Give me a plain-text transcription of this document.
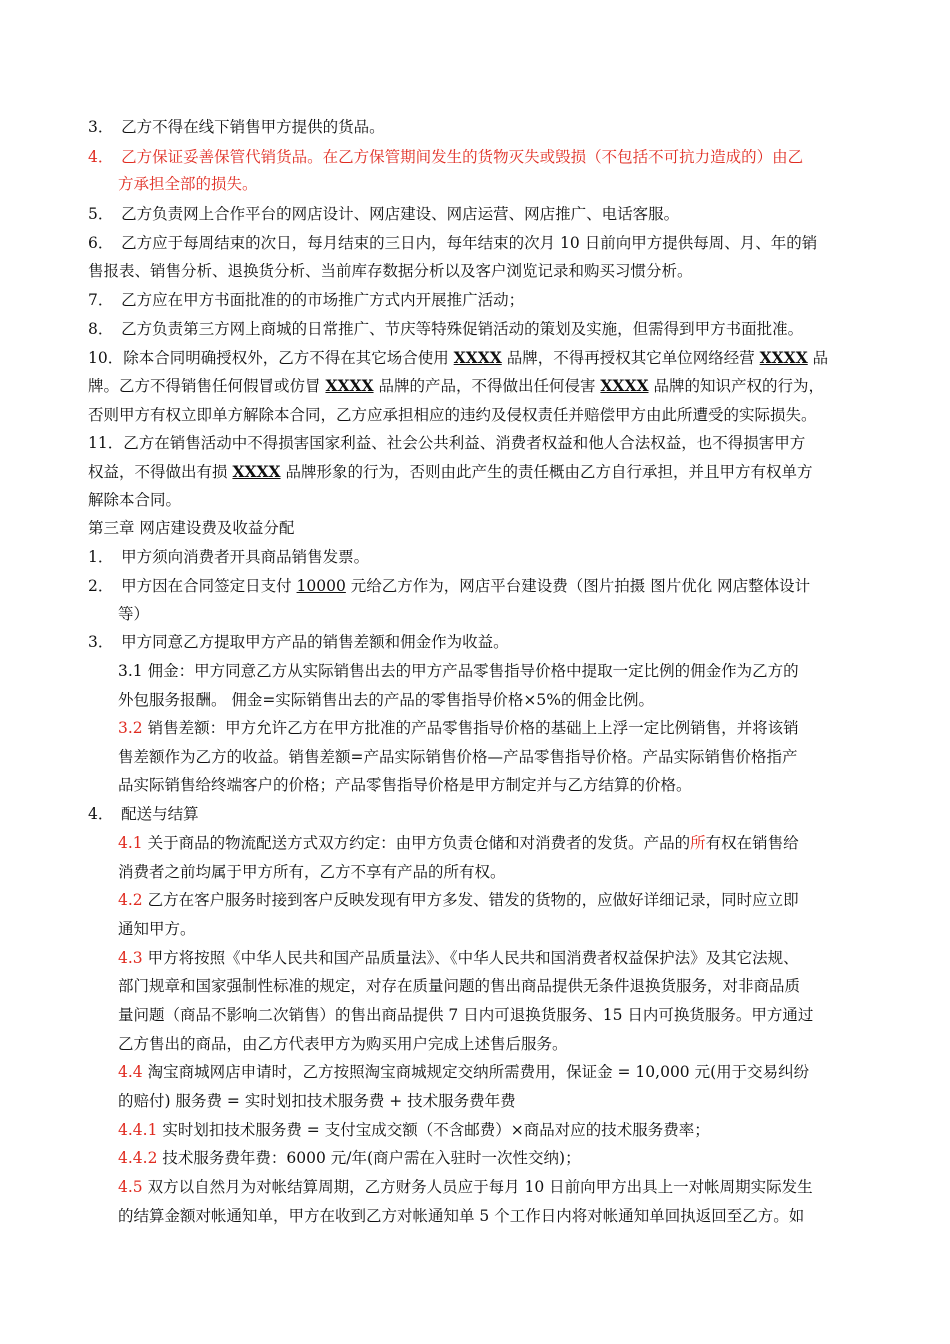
3．　乙方不得在线下销售甲方提供的货品。
4．　乙方保证妥善保管代销货品。在乙方保管期间发生的货物灭失或毁损（不包括不可抗力造成的）由乙
方承担全部的损失。
5．　乙方负责网上合作平台的网店设计、网店建设、网店运营、网店推广、电话客服。
6．　乙方应于每周结束的次日，每月结束的三日内，每年结束的次月 10 日前向甲方提供每周、月、年的销
售报表、销售分析、退换货分析、当前库存数据分析以及客户浏览记录和购买习惯分析。
7．　乙方应在甲方书面批准的的市场推广方式内开展推广活动；
8．　乙方负责第三方网上商城的日常推广、节庆等特殊促销活动的策划及实施，但需得到甲方书面批准。
10．除本合同明确授权外，乙方不得在其它场合使用 XXXX 品牌，不得再授权其它单位网络经营 XXXX 品
牌。乙方不得销售任何假冒或仿冒 XXXX 品牌的产品，不得做出任何侵害 XXXX 品牌的知识产权的行为，
否则甲方有权立即单方解除本合同，乙方应承担相应的违约及侵权责任并赔偿甲方由此所遭受的实际损失。
11．乙方在销售活动中不得损害国家利益、社会公共利益、消费者权益和他人合法权益，也不得损害甲方
权益，不得做出有损 XXXX 品牌形象的行为，否则由此产生的责任概由乙方自行承担，并且甲方有权单方
解除本合同。
第三章 网店建设费及收益分配
1．　甲方须向消费者开具商品销售发票。
2．　甲方因在合同签定日支付 10000 元给乙方作为，网店平台建设费（图片拍摄 图片优化 网店整体设计
等）
3．　甲方同意乙方提取甲方产品的销售差额和佣金作为收益。
3.1 佣金：甲方同意乙方从实际销售出去的甲方产品零售指导价格中提取一定比例的佣金作为乙方的
外包服务报酬。 佣金=实际销售出去的产品的零售指导价格×5%的佣金比例。
3.2 销售差额：甲方允许乙方在甲方批准的产品零售指导价格的基础上上浮一定比例销售，并将该销
售差额作为乙方的收益。销售差额=产品实际销售价格—产品零售指导价格。产品实际销售价格指产
品实际销售给终端客户的价格；产品零售指导价格是甲方制定并与乙方结算的价格。
4．　配送与结算
4.1 关于商品的物流配送方式双方约定：由甲方负责仓储和对消费者的发货。产品的所有权在销售给
消费者之前均属于甲方所有，乙方不享有产品的所有权。
4.2 乙方在客户服务时接到客户反映发现有甲方多发、错发的货物的，应做好详细记录，同时应立即
通知甲方。
4.3 甲方将按照《中华人民共和国产品质量法》、《中华人民共和国消费者权益保护法》及其它法规、
部门规章和国家强制性标准的规定，对存在质量问题的售出商品提供无条件退换货服务，对非商品质
量问题（商品不影响二次销售）的售出商品提供 7 日内可退换货服务、15 日内可换货服务。甲方通过
乙方售出的商品，由乙方代表甲方为购买用户完成上述售后服务。
4.4 淘宝商城网店申请时，乙方按照淘宝商城规定交纳所需费用，保证金 = 10,000 元(用于交易纠纷
的赔付) 服务费 = 实时划扣技术服务费 + 技术服务费年费
4.4.1 实时划扣技术服务费 = 支付宝成交额（不含邮费）×商品对应的技术服务费率；
4.4.2 技术服务费年费：6000 元/年(商户需在入驻时一次性交纳)；
4.5 双方以自然月为对帐结算周期，乙方财务人员应于每月 10 日前向甲方出具上一对帐周期实际发生
的结算金额对帐通知单，甲方在收到乙方对帐通知单 5 个工作日内将对帐通知单回执返回至乙方。如
